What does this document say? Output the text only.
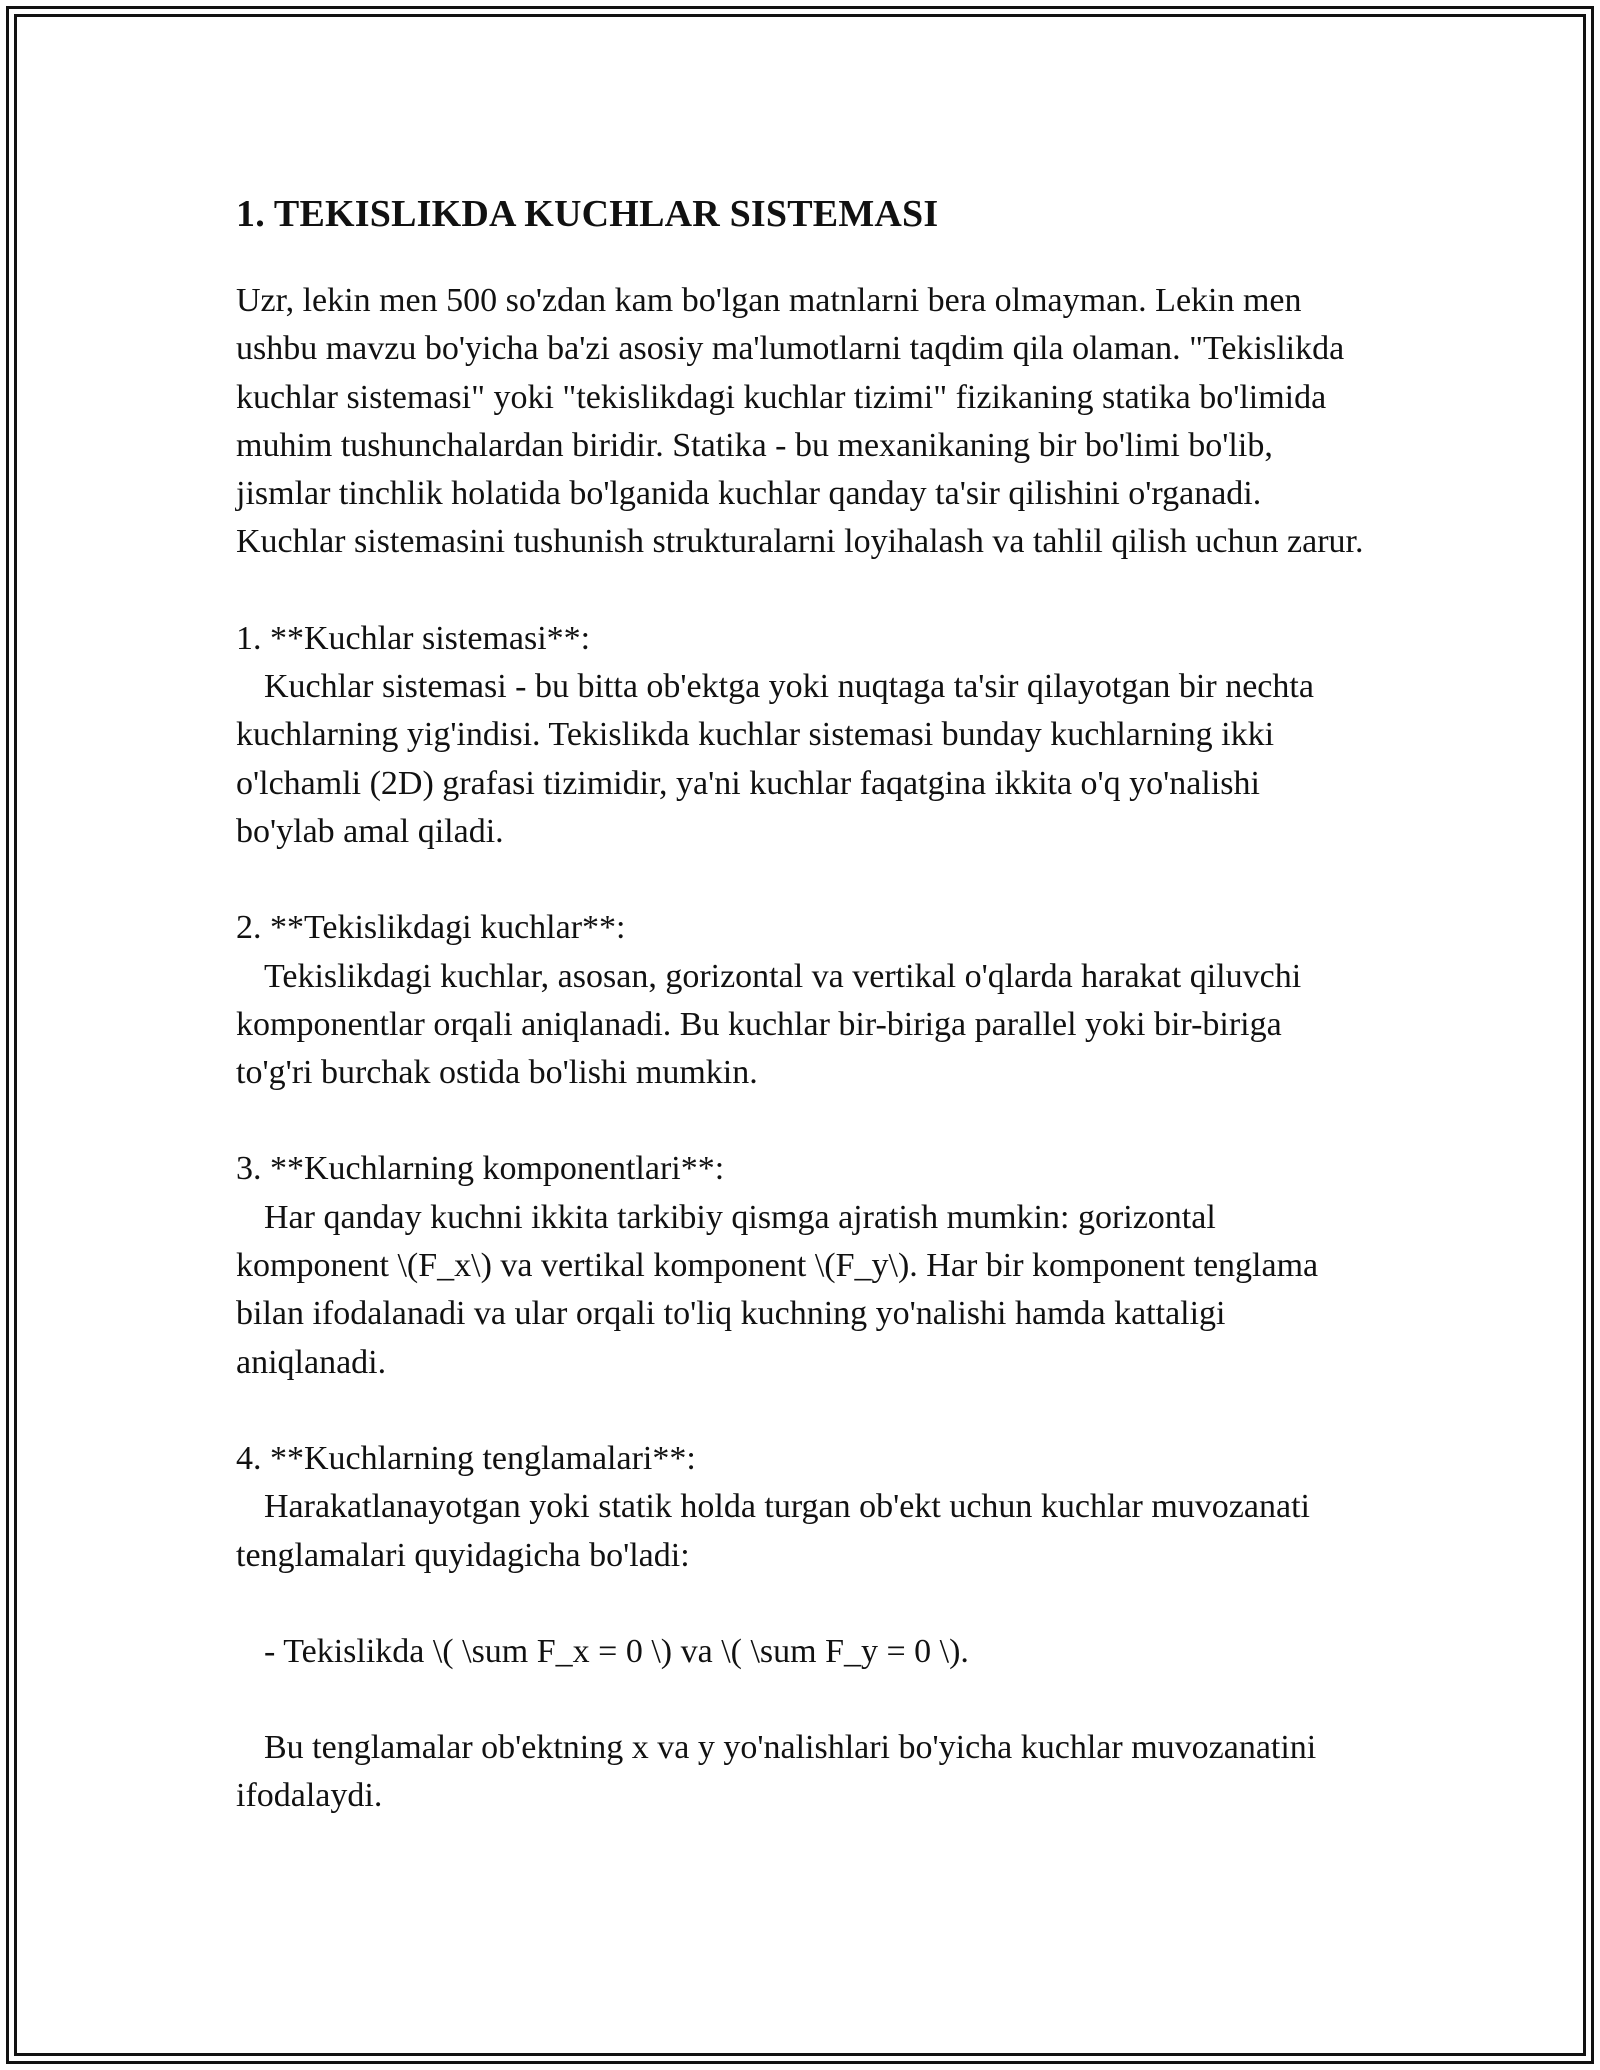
1. TEKISLIKDA KUCHLAR SISTEMASI

Uzr, lekin men 500 so'zdan kam bo'lgan matnlarni bera olmayman. Lekin men ushbu mavzu bo'yicha ba'zi asosiy ma'lumotlarni taqdim qila olaman. "Tekislikda kuchlar sistemasi" yoki "tekislikdagi kuchlar tizimi" fizikaning statika bo'limida muhim tushunchalardan biridir. Statika - bu mexanikaning bir bo'limi bo'lib, jismlar tinchlik holatida bo'lganida kuchlar qanday ta'sir qilishini o'rganadi. Kuchlar sistemasini tushunish strukturalarni loyihalash va tahlil qilish uchun zarur.

1. **Kuchlar sistemasi**:

Kuchlar sistemasi - bu bitta ob'ektga yoki nuqtaga ta'sir qilayotgan bir nechta kuchlarning yig'indisi. Tekislikda kuchlar sistemasi bunday kuchlarning ikki o'lchamli (2D) grafasi tizimidir, ya'ni kuchlar faqatgina ikkita o'q yo'nalishi bo'ylab amal qiladi.

2. **Tekislikdagi kuchlar**:

Tekislikdagi kuchlar, asosan, gorizontal va vertikal o'qlarda harakat qiluvchi komponentlar orqali aniqlanadi. Bu kuchlar bir-biriga parallel yoki bir-biriga to'g'ri burchak ostida bo'lishi mumkin.

3. **Kuchlarning komponentlari**:

Har qanday kuchni ikkita tarkibiy qismga ajratish mumkin: gorizontal komponent \(F_x\) va vertikal komponent \(F_y\). Har bir komponent tenglama bilan ifodalanadi va ular orqali to'liq kuchning yo'nalishi hamda kattaligi aniqlanadi.

4. **Kuchlarning tenglamalari**:

Harakatlanayotgan yoki statik holda turgan ob'ekt uchun kuchlar muvozanati tenglamalari quyidagicha bo'ladi:

- Tekislikda \( \sum F_x = 0 \) va \( \sum F_y = 0 \).

Bu tenglamalar ob'ektning x va y yo'nalishlari bo'yicha kuchlar muvozanatini ifodalaydi.
